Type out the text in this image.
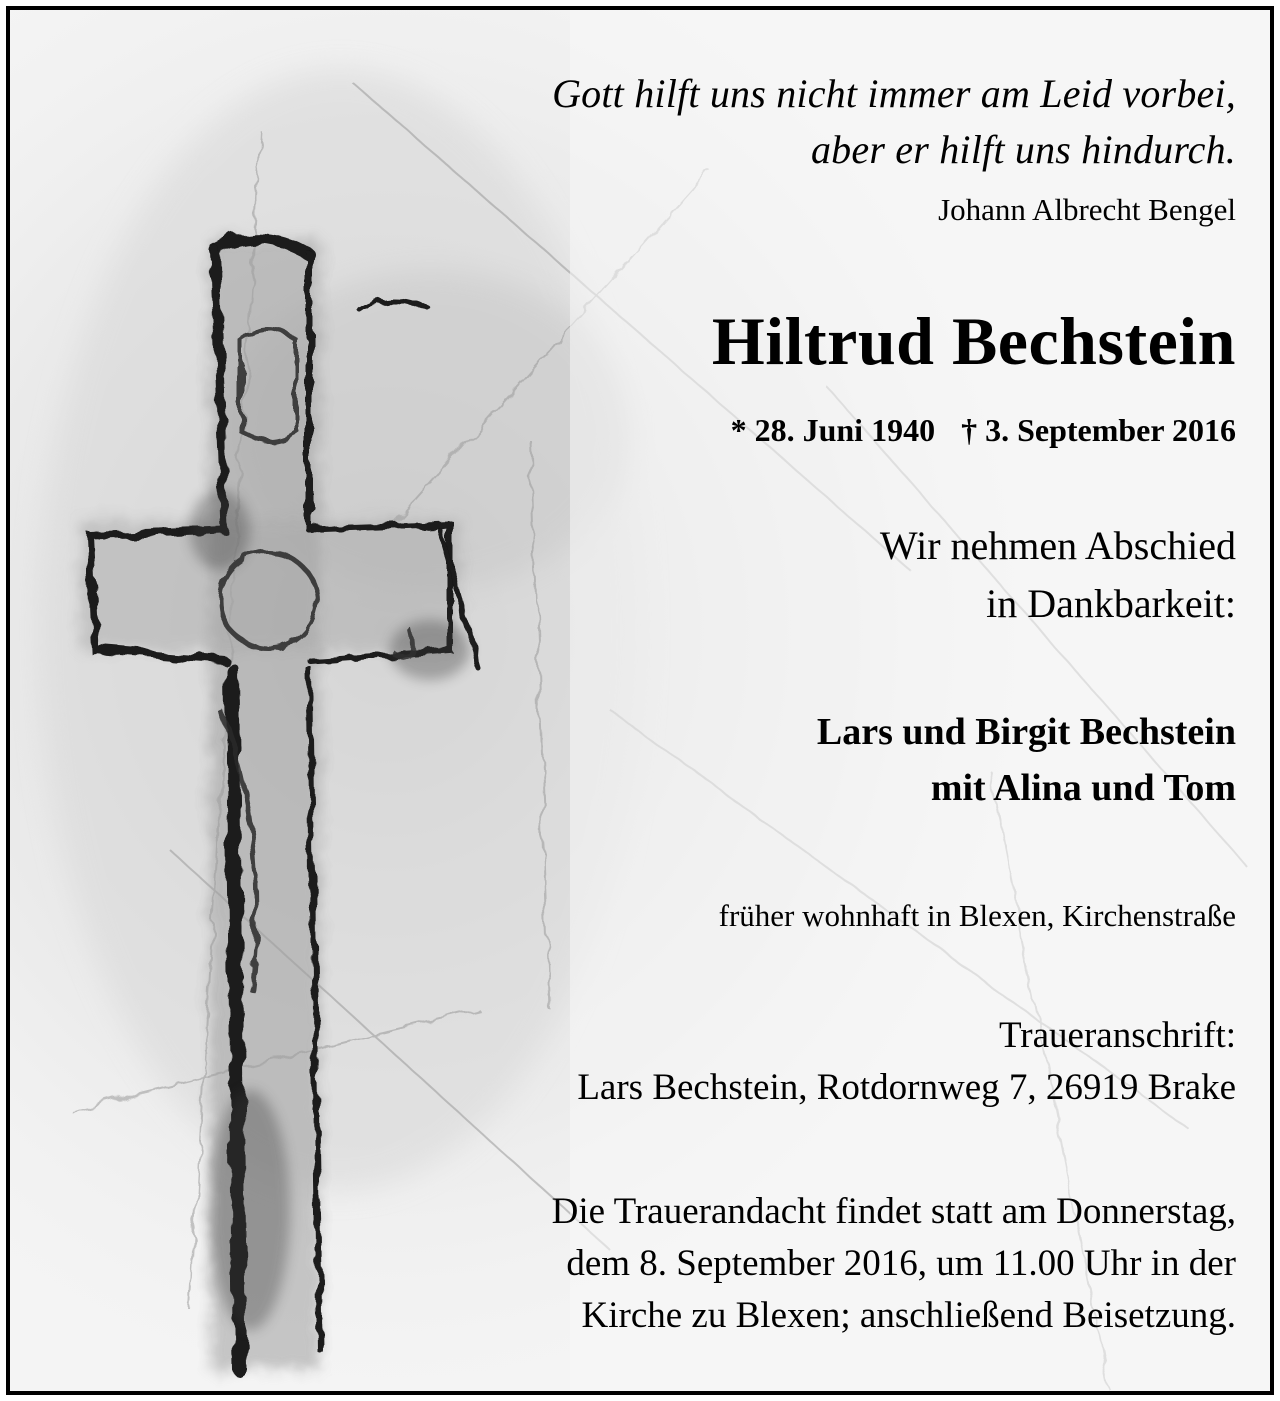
Gott hilft uns nicht immer am Leid vorbei,
aber er hilft uns hindurch.
Johann Albrecht Bengel
Hiltrud Bechstein
* 28. Juni 1940 † 3. September 2016
Wir nehmen Abschied
in Dankbarkeit:
Lars und Birgit Bechstein
mit Alina und Tom
früher wohnhaft in Blexen, Kirchenstraße
Traueranschrift:
Lars Bechstein, Rotdornweg 7, 26919 Brake
Die Trauerandacht findet statt am Donnerstag,
dem 8. September 2016, um 11.00 Uhr in der
Kirche zu Blexen; anschließend Beisetzung.
